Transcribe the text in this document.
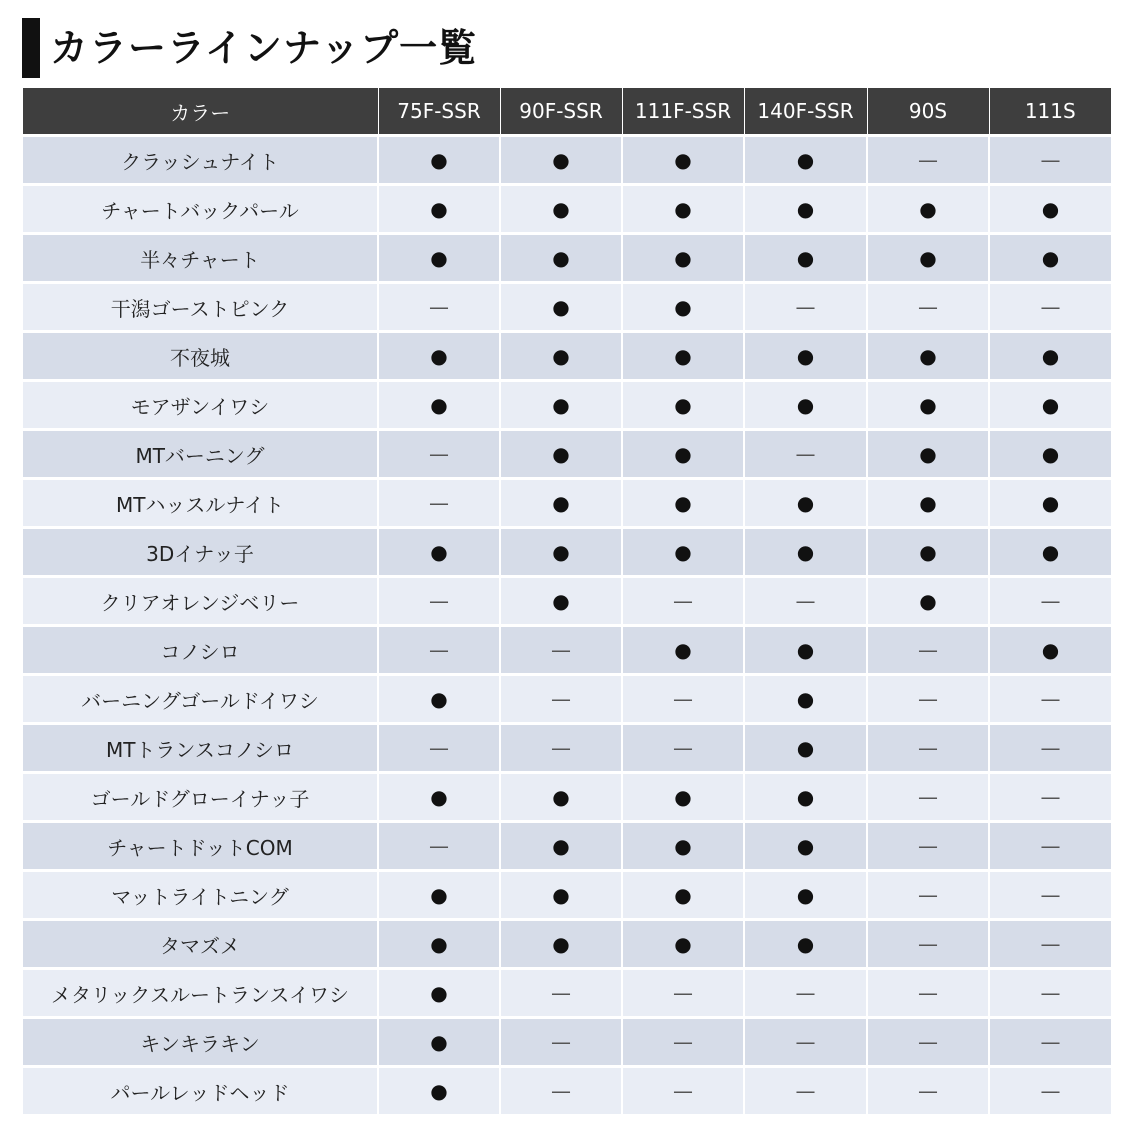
カラーラインナップ一覧
カラー	75F-SSR	90F-SSR	111F-SSR	140F-SSR	90S	111S
クラッシュナイト	●	●	●	●	—	—
チャートバックパール	●	●	●	●	●	●
半々チャート	●	●	●	●	●	●
干潟ゴーストピンク	—	●	●	—	—	—
不夜城	●	●	●	●	●	●
モアザンイワシ	●	●	●	●	●	●
MTバーニング	—	●	●	—	●	●
MTハッスルナイト	—	●	●	●	●	●
3Dイナッ子	●	●	●	●	●	●
クリアオレンジベリー	—	●	—	—	●	—
コノシロ	—	—	●	●	—	●
バーニングゴールドイワシ	●	—	—	●	—	—
MTトランスコノシロ	—	—	—	●	—	—
ゴールドグローイナッ子	●	●	●	●	—	—
チャートドットCOM	—	●	●	●	—	—
マットライトニング	●	●	●	●	—	—
タマズメ	●	●	●	●	—	—
メタリックスルートランスイワシ	●	—	—	—	—	—
キンキラキン	●	—	—	—	—	—
パールレッドヘッド	●	—	—	—	—	—
